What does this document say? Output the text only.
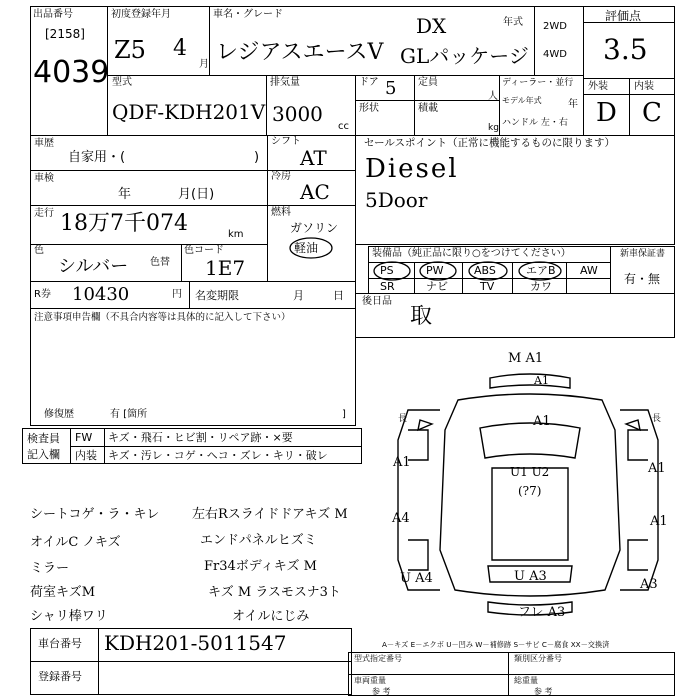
出品番号
[2158]
4039
初度登録年月
Z5 4
月
車名・グレード	DX	年式
レジアスエースV GLパッケージ
2WD
4WD
評価点
3.5
外装	内装
D C
型式
QDF-KDH201V
排気量
3000
cc
ドア 5
形状
定員
人
積載
kg
ディーラー・並行
モデル年式	年
ハンドル 左・右
車歴
自家用・(	)
車検
年	月(日)
走行 18万7千074	km
色
シルバー 色替
色コード
1E7
R券 10430	円 名変期限	月	日
注意事項申告欄（不具合内容等は具体的に記入して下さい）
修復歴	有 [箇所	]
シフト
AT
冷房
AC
燃料
ガソリン
軽油
セールスポイント（正常に機能するものに限ります）
Diesel
5Door
装備品（純正品に限り○をつけてください）
PS	PW	ABS	エアB AW
SR	ナビ	TV	カワ
新車保証書
有・無
後日品
取
検査員
記入欄
FW キズ・飛石・ヒビ割・リペア跡・×要
内装 キズ・汚レ・コゲ・ヘコ・ズレ・キリ・破レ
シートコゲ・ラ・キレ
オイルC ノキズ
ミラー
荷室キズM
シャリ棒ワリ
左右Rスライドドアキズ M
エンドパネルヒズミ
Fr34ボディキズ M
キズ M ラスモスナ3ト
オイルにじみ
M A1
A1
A1
A1	A1
A1
U1 U2
(?7)
A4
U A4	U A3
A3
フレ A3
長	長
A－キズ E－エクボ U－凹み W－補修跡 S－サビ C－腐食 XX－交換済
車台番号 KDH201-5011547
登録番号
型式指定番号	類別区分番号
車両重量
参 考
総重量
参 考
